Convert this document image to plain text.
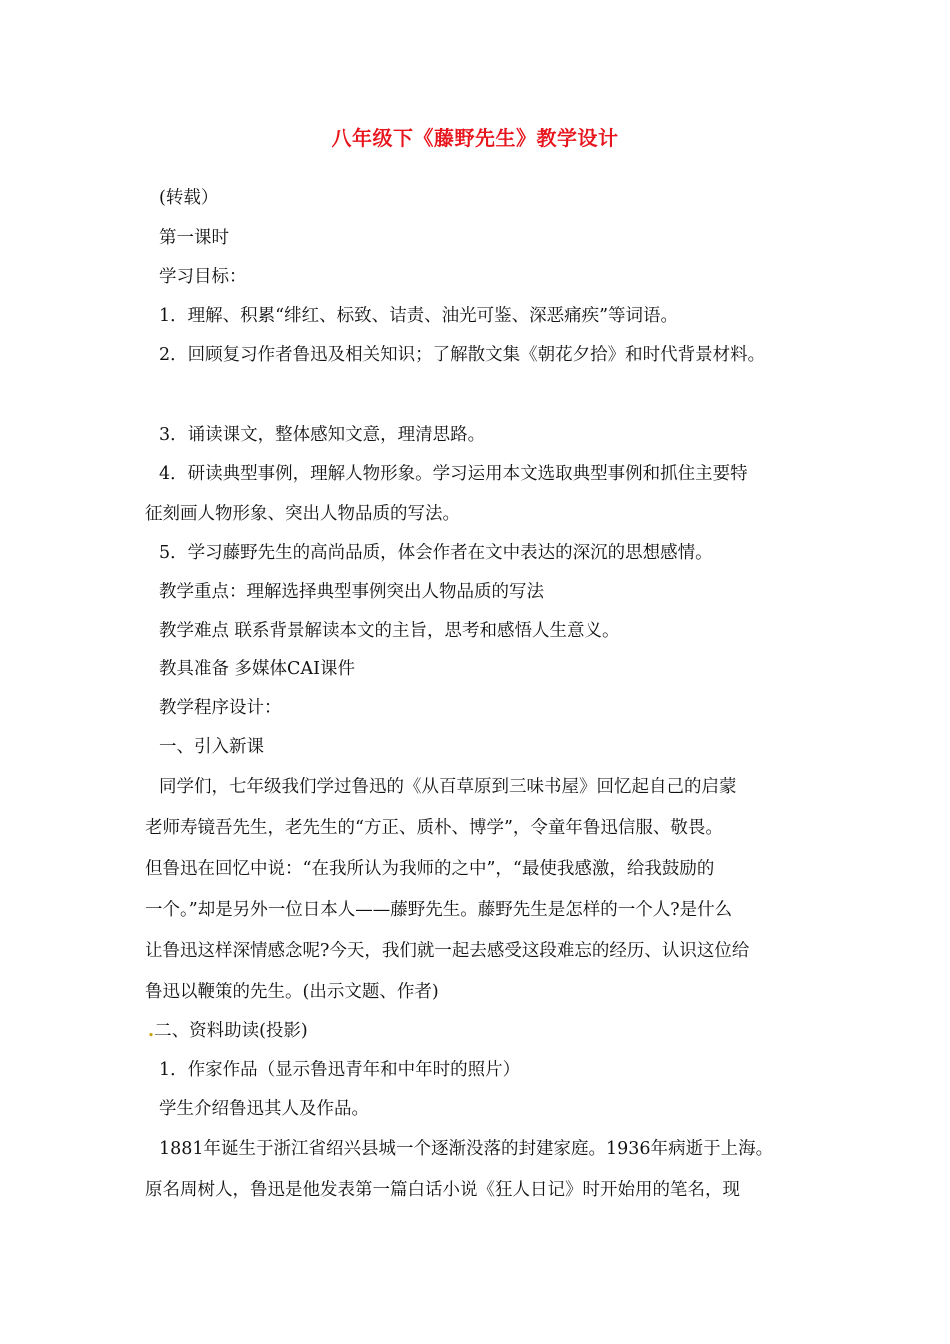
八年级下《藤野先生》教学设计

(转载）

第一课时

学习目标：

1．理解、积累“绯红、标致、诘责、油光可鉴、深恶痛疾”等词语。

2．回顾复习作者鲁迅及相关知识；了解散文集《朝花夕拾》和时代背景材料。

3．诵读课文，整体感知文意，理清思路。

4．研读典型事例，理解人物形象。学习运用本文选取典型事例和抓住主要特

征刻画人物形象、突出人物品质的写法。

5．学习藤野先生的高尚品质，体会作者在文中表达的深沉的思想感情。

教学重点：理解选择典型事例突出人物品质的写法

教学难点 联系背景解读本文的主旨，思考和感悟人生意义。

教具准备 多媒体CAI课件

教学程序设计：

一、引入新课

同学们，七年级我们学过鲁迅的《从百草原到三味书屋》回忆起自己的启蒙

老师寿镜吾先生，老先生的“方正、质朴、博学”，令童年鲁迅信服、敬畏。

但鲁迅在回忆中说：“在我所认为我师的之中”，“最使我感激，给我鼓励的

一个。”却是另外一位日本人——藤野先生。藤野先生是怎样的一个人?是什么

让鲁迅这样深情感念呢?今天，我们就一起去感受这段难忘的经历、认识这位给

鲁迅以鞭策的先生。(出示文题、作者)

.二、资料助读(投影)

1．作家作品（显示鲁迅青年和中年时的照片）

学生介绍鲁迅其人及作品。

1881年诞生于浙江省绍兴县城一个逐渐没落的封建家庭。1936年病逝于上海。

原名周树人，鲁迅是他发表第一篇白话小说《狂人日记》时开始用的笔名，现
